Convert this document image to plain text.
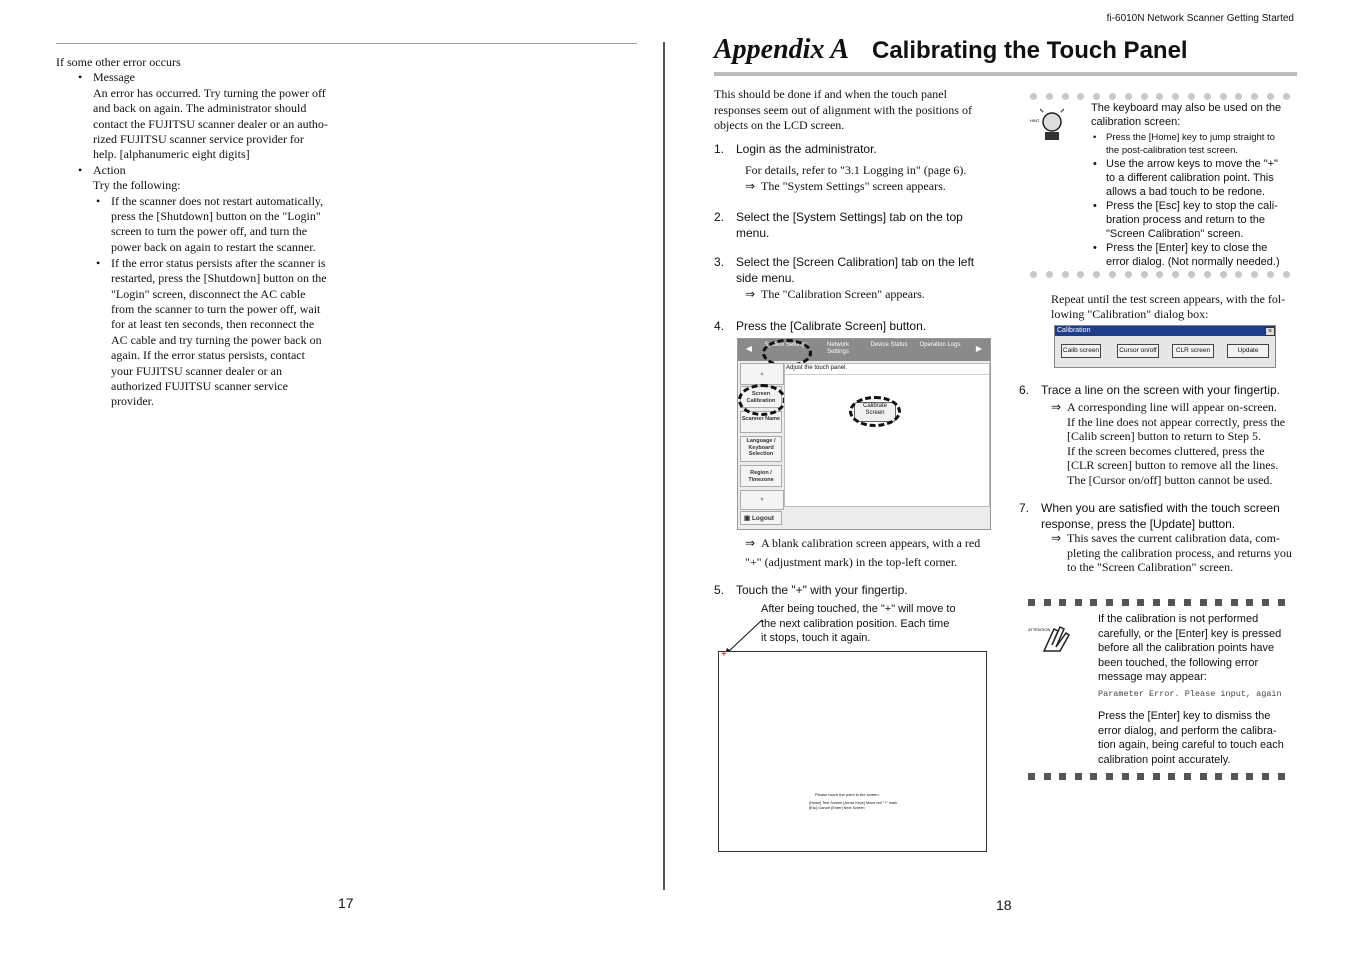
If some other error occurs
• Message
An error has occurred. Try turning the power off
and back on again. The administrator should
contact the FUJITSU scanner dealer or an autho-
rized FUJITSU scanner service provider for
help. [alphanumeric eight digits]
• Action
Try the following:
• If the scanner does not restart automatically,
press the [Shutdown] button on the "Login"
screen to turn the power off, and turn the
power back on again to restart the scanner.
• If the error status persists after the scanner is
restarted, press the [Shutdown] button on the
"Login" screen, disconnect the AC cable
from the scanner to turn the power off, wait
for at least ten seconds, then reconnect the
AC cable and try turning the power back on
again. If the error status persists, contact
your FUJITSU scanner dealer or an
authorized FUJITSU scanner service
provider.
17
fi-6010N Network Scanner Getting Started
Appendix A Calibrating the Touch Panel
This should be done if and when the touch panel
responses seem out of alignment with the positions of
objects on the LCD screen.
1. Login as the administrator.
For details, refer to "3.1 Logging in" (page 6).
⇒ The "System Settings" screen appears.
2. Select the [System Settings] tab on the top
menu.
3. Select the [Screen Calibration] tab on the left
side menu.
⇒ The "Calibration Screen" appears.
4. Press the [Calibrate Screen] button.
◀	System Settings	Network Settings
Device Status	Operation Logs	▶
▲
Screen Calibration
Scanner Name
Language / Keyboard Selection
Region / Timezone
▼
▣ Logout
Adjust the touch panel.
Calibrate Screen
⇒ A blank calibration screen appears, with a red
"+" (adjustment mark) in the top-left corner.
5. Touch the "+" with your fingertip.
After being touched, the "+" will move to
the next calibration position. Each time
it stops, touch it again.
+
Please touch the point in the screen.
[Home] Test Screen [Arrow Keys] Move red "+" mark
[Esc] Cancel [Enter] Next Screen
HINT
The keyboard may also be used on the
calibration screen:
• Press the [Home] key to jump straight to
the post-calibration test screen.
• Use the arrow keys to move the "+"
to a different calibration point. This
allows a bad touch to be redone.
• Press the [Esc] key to stop the cali-
bration process and return to the
"Screen Calibration" screen.
• Press the [Enter] key to close the
error dialog. (Not normally needed.)
Repeat until the test screen appears, with the fol-
lowing "Calibration" dialog box:
Calibration	×
Calib screen	Cursor on/off	CLR screen	Update
6. Trace a line on the screen with your fingertip.
⇒ A corresponding line will appear on-screen.
If the line does not appear correctly, press the
[Calib screen] button to return to Step 5.
If the screen becomes cluttered, press the
[CLR screen] button to remove all the lines.
The [Cursor on/off] button cannot be used.
7. When you are satisfied with the touch screen
response, press the [Update] button.
⇒ This saves the current calibration data, com-
pleting the calibration process, and returns you
to the "Screen Calibration" screen.
ATTENTION
If the calibration is not performed
carefully, or the [Enter] key is pressed
before all the calibration points have
been touched, the following error
message may appear:
Parameter Error. Please input, again
Press the [Enter] key to dismiss the
error dialog, and perform the calibra-
tion again, being careful to touch each
calibration point accurately.
18
